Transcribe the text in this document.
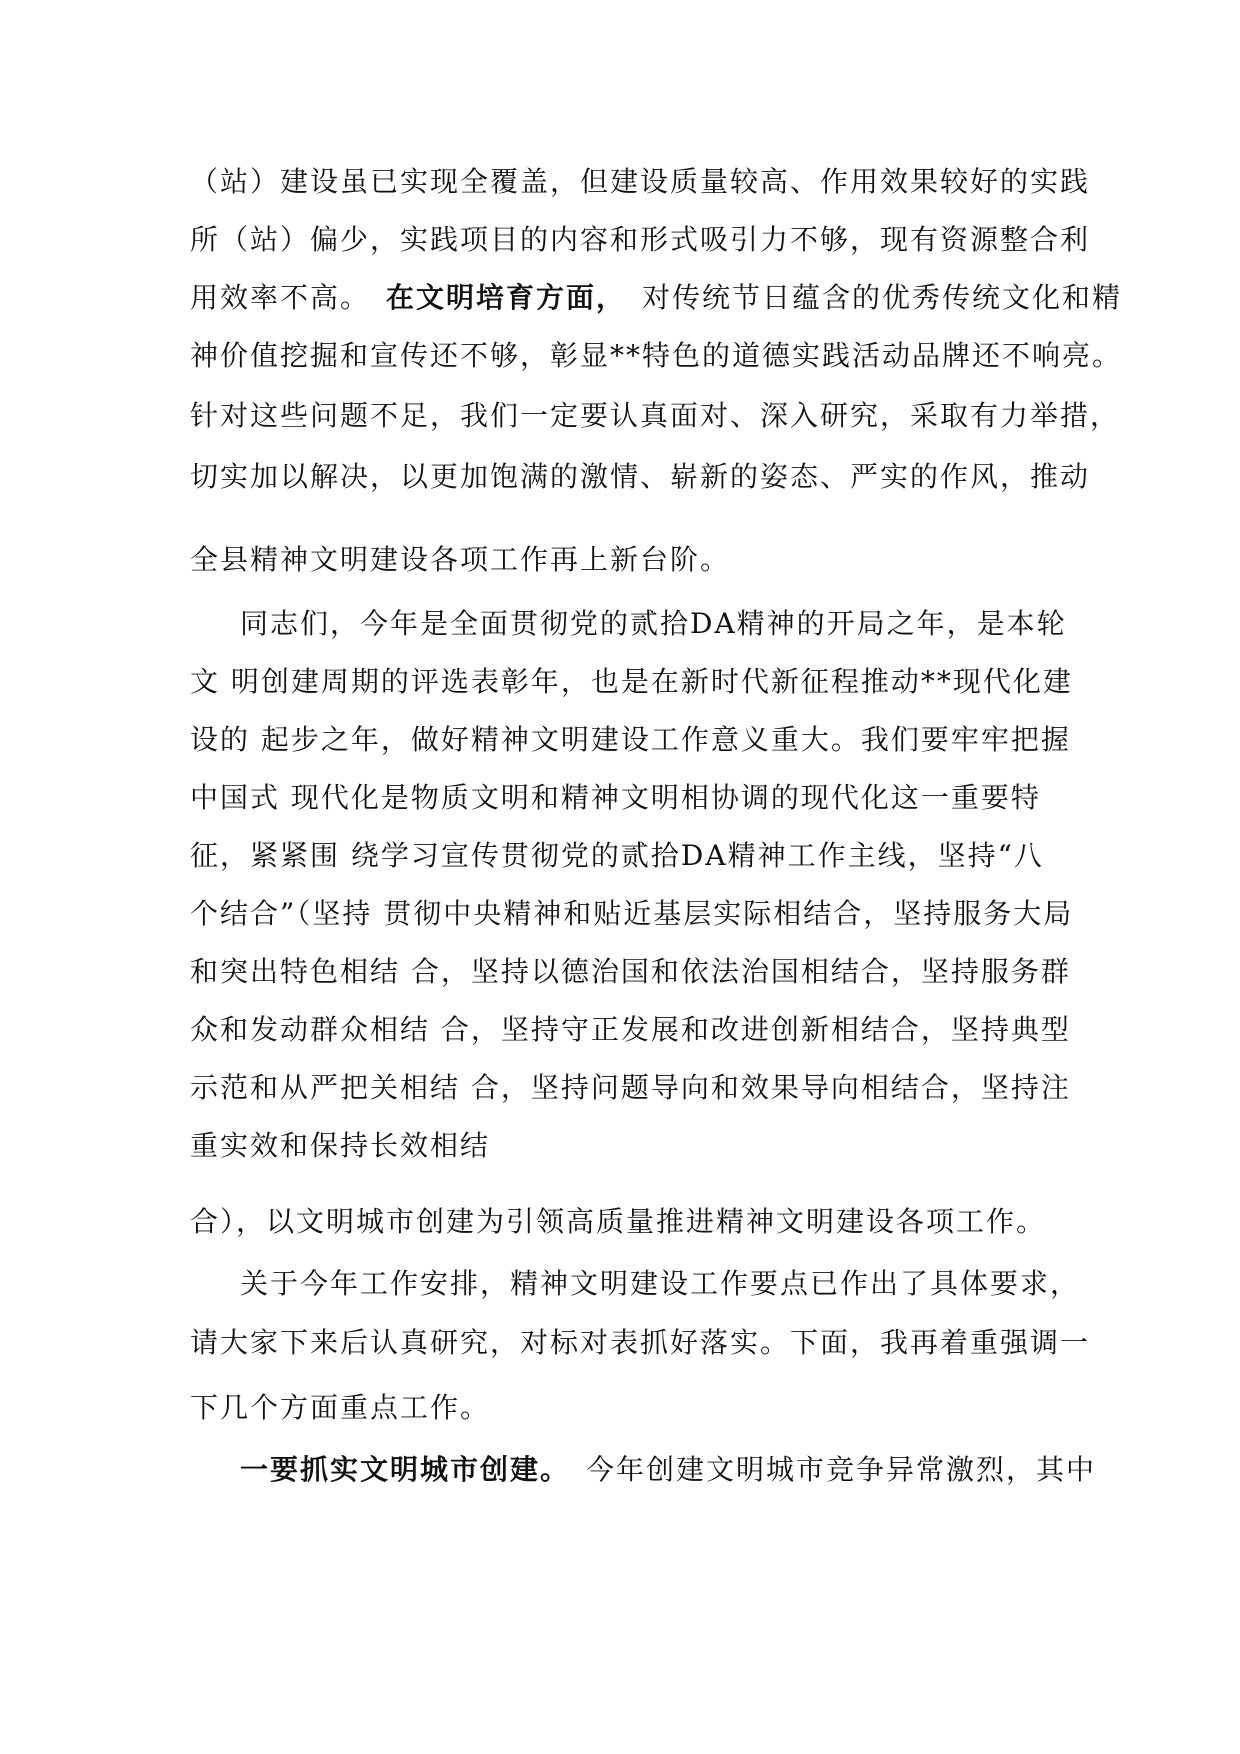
（站）建设虽已实现全覆盖，但建设质量较高、作用效果较好的实践
所（站）偏少，实践项目的内容和形式吸引力不够，现有资源整合利
用效率不高。 在文明培育方面， 对传统节日蕴含的优秀传统文化和精
神价值挖掘和宣传还不够，彰显**特色的道德实践活动品牌还不响亮。
针对这些问题不足，我们一定要认真面对、深入研究，采取有力举措，
切实加以解决，以更加饱满的激情、崭新的姿态、严实的作风，推动
全县精神文明建设各项工作再上新台阶。
同志们，今年是全面贯彻党的贰拾DA精神的开局之年，是本轮
文 明创建周期的评选表彰年，也是在新时代新征程推动**现代化建
设的 起步之年，做好精神文明建设工作意义重大。我们要牢牢把握
中国式 现代化是物质文明和精神文明相协调的现代化这一重要特
征，紧紧围 绕学习宣传贯彻党的贰拾DA精神工作主线，坚持“八
个结合”（坚持 贯彻中央精神和贴近基层实际相结合，坚持服务大局
和突出特色相结 合，坚持以德治国和依法治国相结合，坚持服务群
众和发动群众相结 合，坚持守正发展和改进创新相结合，坚持典型
示范和从严把关相结 合，坚持问题导向和效果导向相结合，坚持注
重实效和保持长效相结
合），以文明城市创建为引领高质量推进精神文明建设各项工作。
关于今年工作安排，精神文明建设工作要点已作出了具体要求，
请大家下来后认真研究，对标对表抓好落实。下面，我再着重强调一
下几个方面重点工作。
一要抓实文明城市创建。 今年创建文明城市竞争异常激烈，其中
